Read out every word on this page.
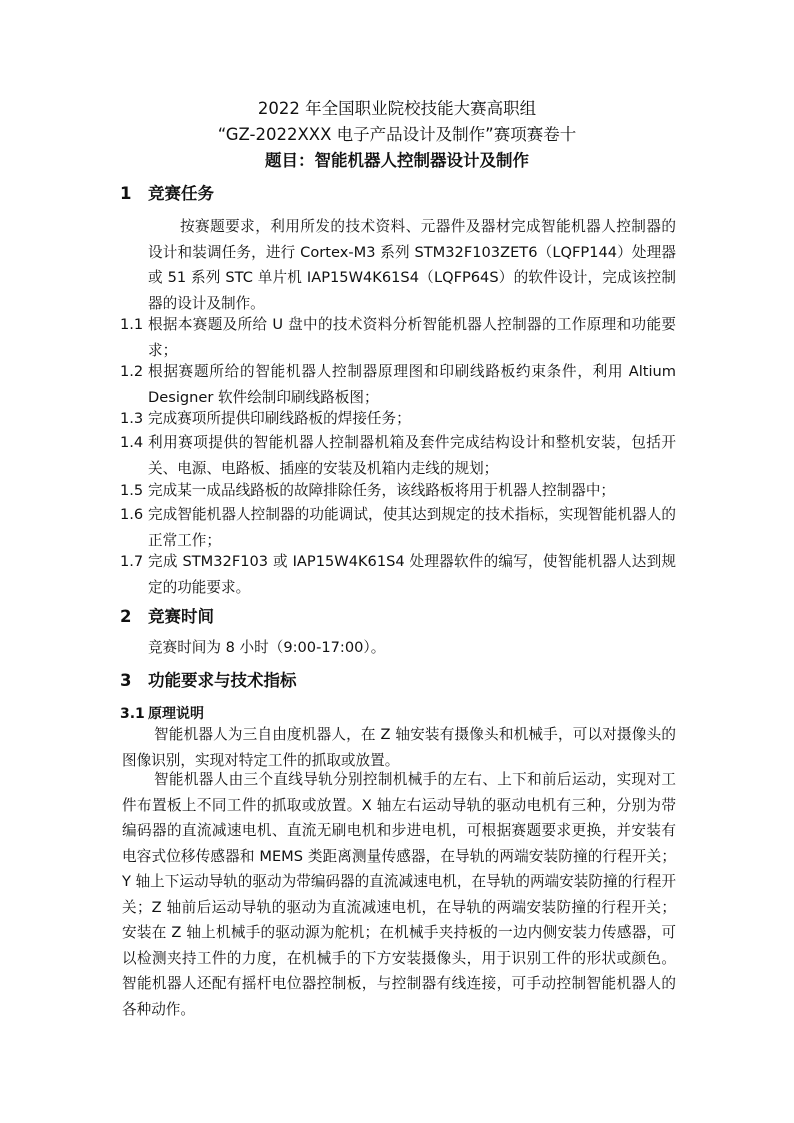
2022 年全国职业院校技能大赛高职组
“GZ-2022XXX 电子产品设计及制作”赛项赛卷十
题目：智能机器人控制器设计及制作
1 竞赛任务

按赛题要求，利用所发的技术资料、元器件及器材完成智能机器人控制器的设计和装调任务，进行 Cortex-M3 系列 STM32F103ZET6（LQFP144）处理器或 51 系列 STC 单片机 IAP15W4K61S4（LQFP64S）的软件设计，完成该控制器的设计及制作。

1.1 根据本赛题及所给 U 盘中的技术资料分析智能机器人控制器的工作原理和功能要求；
1.2 根据赛题所给的智能机器人控制器原理图和印刷线路板约束条件，利用 Altium Designer 软件绘制印刷线路板图；
1.3 完成赛项所提供印刷线路板的焊接任务；
1.4 利用赛项提供的智能机器人控制器机箱及套件完成结构设计和整机安装，包括开关、电源、电路板、插座的安装及机箱内走线的规划；
1.5 完成某一成品线路板的故障排除任务，该线路板将用于机器人控制器中；
1.6 完成智能机器人控制器的功能调试，使其达到规定的技术指标，实现智能机器人的正常工作；
1.7 完成 STM32F103 或 IAP15W4K61S4 处理器软件的编写，使智能机器人达到规定的功能要求。
2 竞赛时间

竞赛时间为 8 小时（9:00-17:00）。

3 功能要求与技术指标
3.1 原理说明

智能机器人为三自由度机器人，在 Z 轴安装有摄像头和机械手，可以对摄像头的图像识别，实现对特定工件的抓取或放置。

智能机器人由三个直线导轨分别控制机械手的左右、上下和前后运动，实现对工件布置板上不同工件的抓取或放置。X 轴左右运动导轨的驱动电机有三种，分别为带编码器的直流减速电机、直流无刷电机和步进电机，可根据赛题要求更换，并安装有电容式位移传感器和 MEMS 类距离测量传感器，在导轨的两端安装防撞的行程开关；Y 轴上下运动导轨的驱动为带编码器的直流减速电机，在导轨的两端安装防撞的行程开关；Z 轴前后运动导轨的驱动为直流减速电机，在导轨的两端安装防撞的行程开关；安装在 Z 轴上机械手的驱动源为舵机；在机械手夹持板的一边内侧安装力传感器，可以检测夹持工件的力度，在机械手的下方安装摄像头，用于识别工件的形状或颜色。智能机器人还配有摇杆电位器控制板，与控制器有线连接，可手动控制智能机器人的各种动作。
